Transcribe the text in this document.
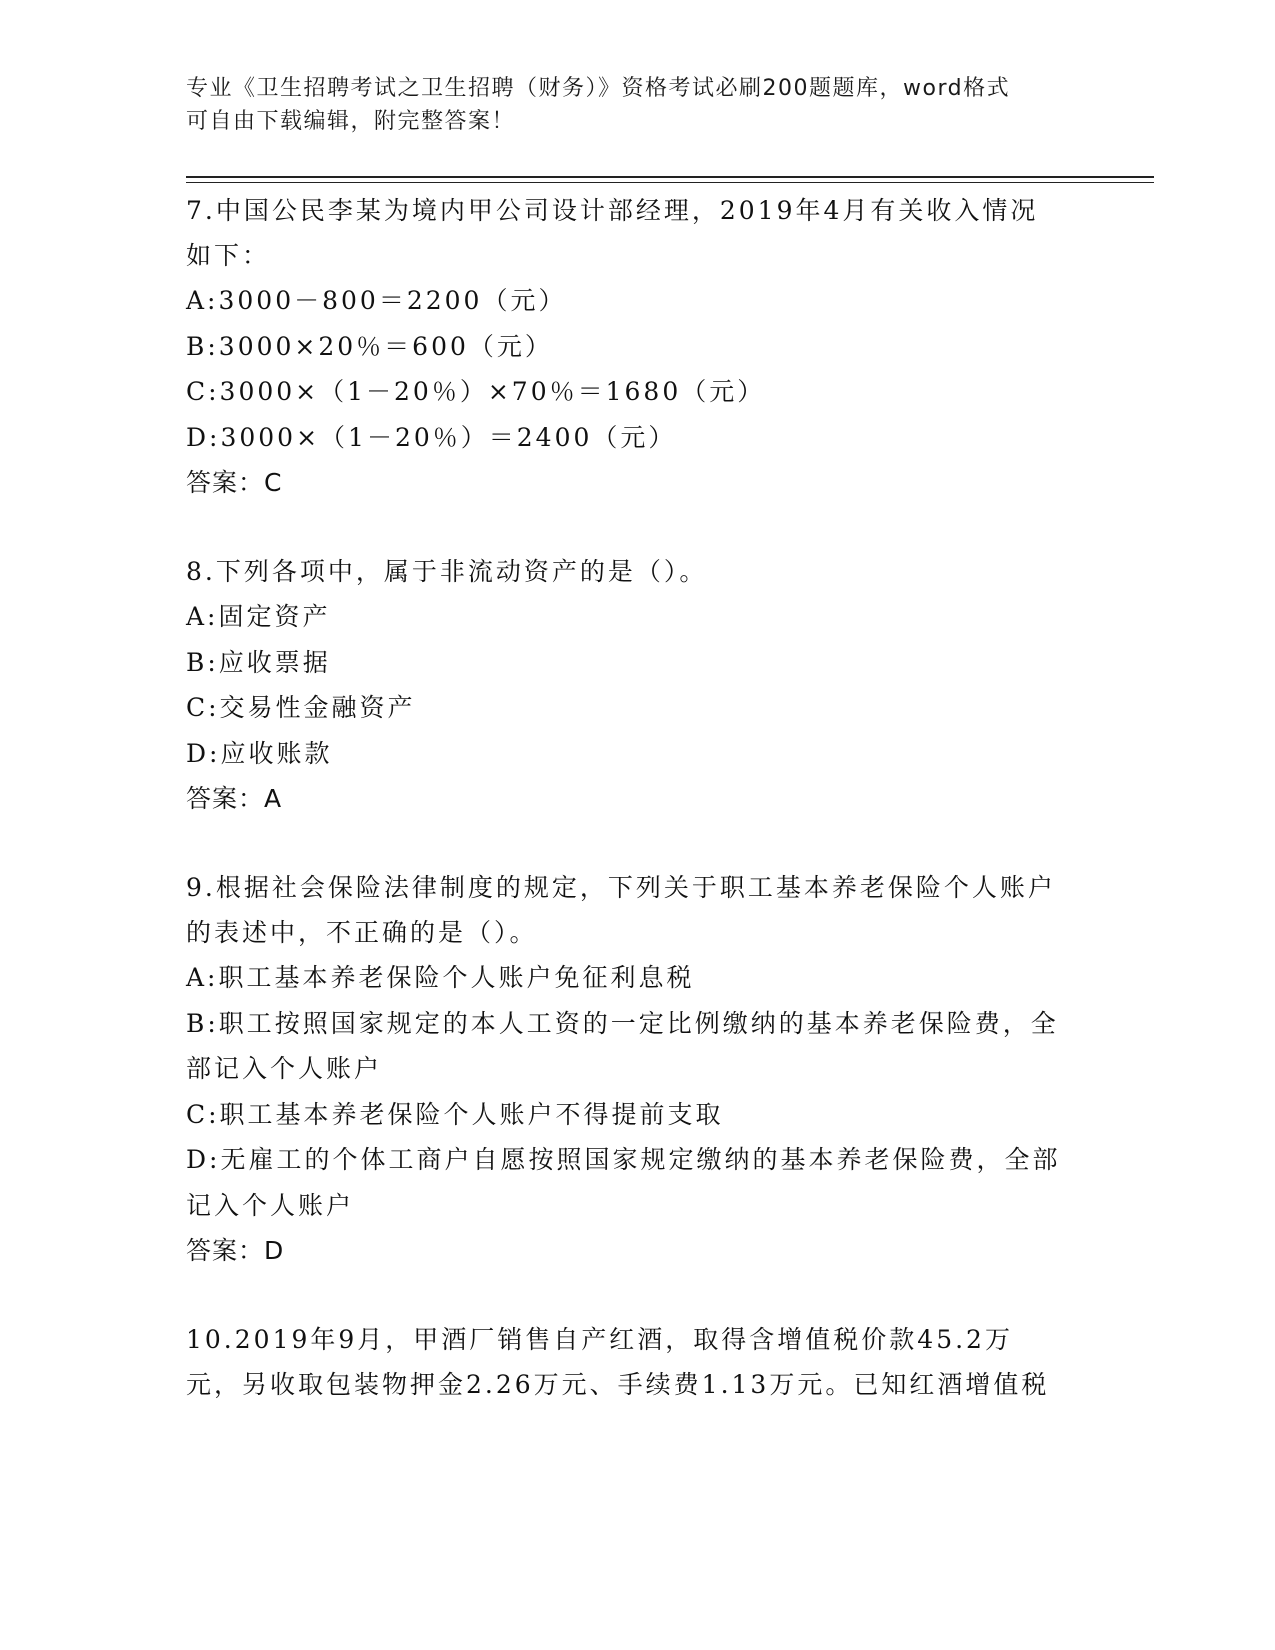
专业《卫生招聘考试之卫生招聘（财务）》资格考试必刷200题题库，word格式
可自由下载编辑，附完整答案！
7.中国公民李某为境内甲公司设计部经理，2019年4月有关收入情况如下：
A:3000－800＝2200（元）
B:3000×20％＝600（元）
C:3000×（1－20％）×70％＝1680（元）
D:3000×（1－20％）＝2400（元）
答案：C
8.下列各项中，属于非流动资产的是（）。
A:固定资产
B:应收票据
C:交易性金融资产
D:应收账款
答案：A
9.根据社会保险法律制度的规定，下列关于职工基本养老保险个人账户的表述中，不正确的是（）。
A:职工基本养老保险个人账户免征利息税
B:职工按照国家规定的本人工资的一定比例缴纳的基本养老保险费，全部记入个人账户
C:职工基本养老保险个人账户不得提前支取
D:无雇工的个体工商户自愿按照国家规定缴纳的基本养老保险费，全部记入个人账户
答案：D
10.2019年9月，甲酒厂销售自产红酒，取得含增值税价款45.2万元，另收取包装物押金2.26万元、手续费1.13万元。已知红酒增值税
